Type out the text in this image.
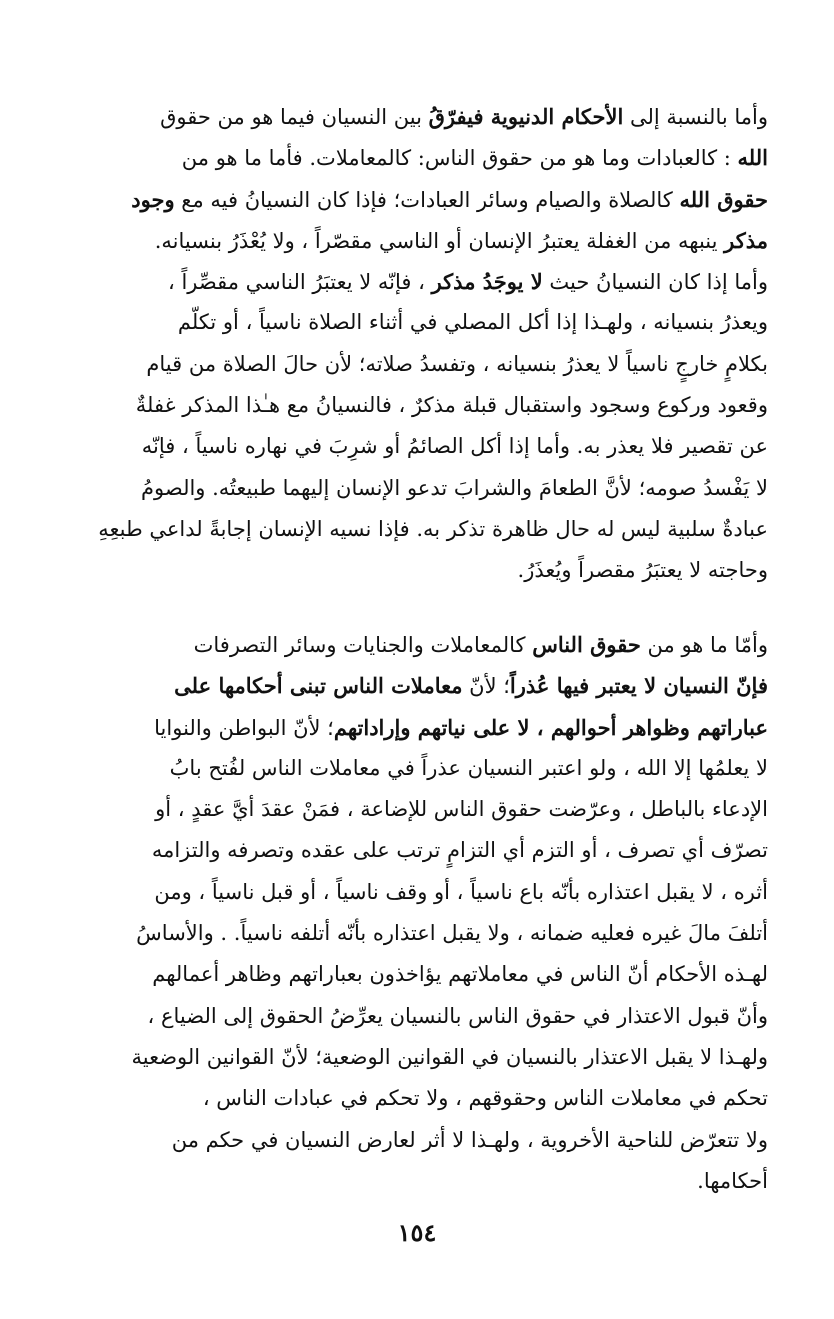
وأما بالنسبة إلى الأحكام الدنيوية فيفرّقُ بين النسيان فيما هو من حقوق
الله : كالعبادات وما هو من حقوق الناس: كالمعاملات. فأما ما هو من
حقوق الله كالصلاة والصيام وسائر العبادات؛ فإذا كان النسيانُ فيه مع وجود
مذكر ينبهه من الغفلة يعتبرُ الإنسان أو الناسي مقصّراً ، ولا يُعْذَرُ بنسيانه.
وأما إذا كان النسيانُ حيث لا يوجَدُ مذكر ، فإنّه لا يعتبَرُ الناسي مقصِّراً ،
ويعذرُ بنسيانه ، ولهـذا إذا أكل المصلي في أثناء الصلاة ناسياً ، أو تكلّم
بكلامٍ خارجٍ ناسياً لا يعذرُ بنسيانه ، وتفسدُ صلاته؛ لأن حالَ الصلاة من قيام
وقعود وركوع وسجود واستقبال قبلة مذكرٌ ، فالنسيانُ مع هـٰذا المذكر غفلةٌ
عن تقصير فلا يعذر به. وأما إذا أكل الصائمُ أو شرِبَ في نهاره ناسياً ، فإنّه
لا يَفْسدُ صومه؛ لأنَّ الطعامَ والشرابَ تدعو الإنسان إليهما طبيعتُه. والصومُ
عبادةٌ سلبية ليس له حال ظاهرة تذكر به. فإذا نسيه الإنسان إجابةً لداعي طبعِهِ
وحاجته لا يعتبَرُ مقصراً ويُعذَرُ.
وأمّا ما هو من حقوق الناس كالمعاملات والجنايات وسائر التصرفات
فإنّ النسيان لا يعتبر فيها عُذراً؛ لأنّ معاملات الناس تبنى أحكامها على
عباراتهم وظواهر أحوالهم ، لا على نياتهم وإراداتهم؛ لأنّ البواطن والنوايا
لا يعلمُها إلا الله ، ولو اعتبر النسيان عذراً في معاملات الناس لفُتح بابُ
الإدعاء بالباطل ، وعرّضت حقوق الناس للإضاعة ، فمَنْ عقدَ أيَّ عقدٍ ، أو
تصرّف أي تصرف ، أو التزم أي التزامٍ ترتب على عقده وتصرفه والتزامه
أثره ، لا يقبل اعتذاره بأنّه باع ناسياً ، أو وقف ناسياً ، أو قبل ناسياً ، ومن
أتلفَ مالَ غيره فعليه ضمانه ، ولا يقبل اعتذاره بأنّه أتلفه ناسياً. . والأساسُ
لهـذه الأحكام أنّ الناس في معاملاتهم يؤاخذون بعباراتهم وظاهر أعمالهم
وأنّ قبول الاعتذار في حقوق الناس بالنسيان يعرِّضُ الحقوق إلى الضياع ،
ولهـذا لا يقبل الاعتذار بالنسيان في القوانين الوضعية؛ لأنّ القوانين الوضعية
تحكم في معاملات الناس وحقوقهم ، ولا تحكم في عبادات الناس ،
ولا تتعرّض للناحية الأخروية ، ولهـذا لا أثر لعارض النسيان في حكم من
أحكامها.
١٥٤
